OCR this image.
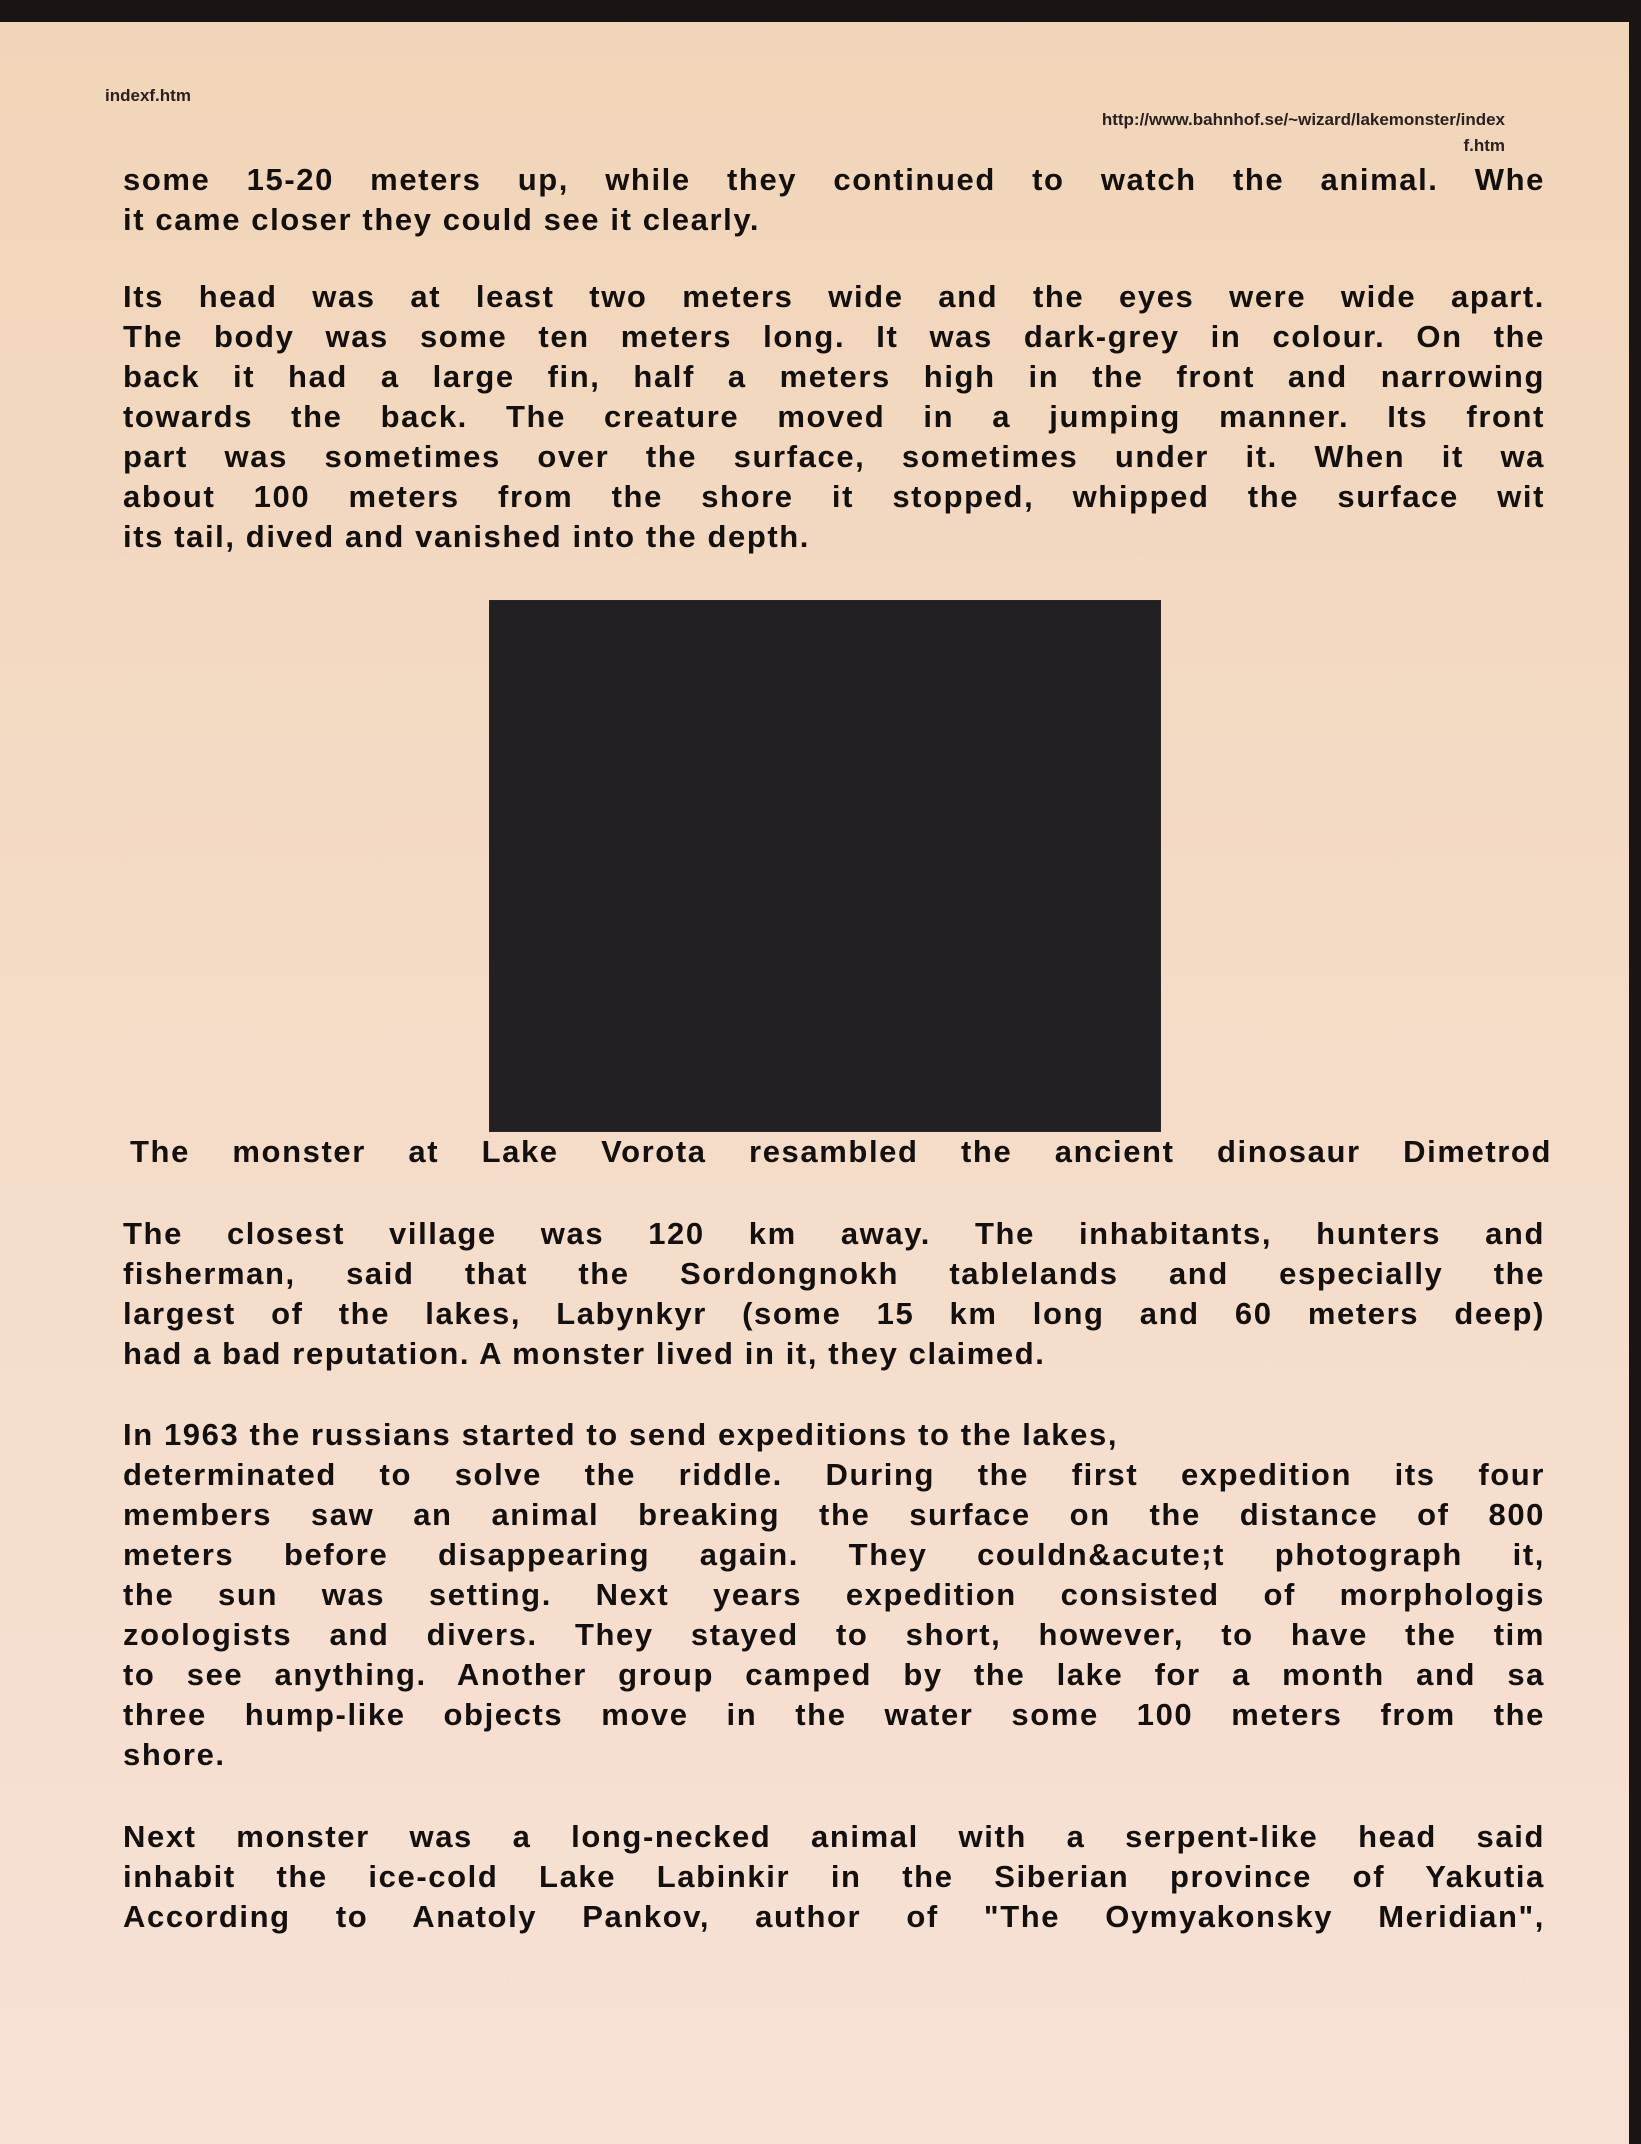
indexf.htm
http://www.bahnhof.se/~wizard/lakemonster/index
f.htm
some 15-20 meters up, while they continued to watch the animal. Whe
it came closer they could see it clearly.
Its head was at least two meters wide and the eyes were wide apart.
The body was some ten meters long. It was dark-grey in colour. On the
back it had a large fin, half a meters high in the front and narrowing
towards the back. The creature moved in a jumping manner. Its front
part was sometimes over the surface, sometimes under it. When it wa
about 100 meters from the shore it stopped, whipped the surface wit
its tail, dived and vanished into the depth.
The monster at Lake Vorota resambled the ancient dinosaur Dimetrod
The closest village was 120 km away. The inhabitants, hunters and
fisherman, said that the Sordongnokh tablelands and especially the
largest of the lakes, Labynkyr (some 15 km long and 60 meters deep)
had a bad reputation. A monster lived in it, they claimed.
In 1963 the russians started to send expeditions to the lakes,
determinated to solve the riddle. During the first expedition its four
members saw an animal breaking the surface on the distance of 800
meters before disappearing again. They couldn&acute;t photograph it,
the sun was setting. Next years expedition consisted of morphologis
zoologists and divers. They stayed to short, however, to have the tim
to see anything. Another group camped by the lake for a month and sa
three hump-like objects move in the water some 100 meters from the
shore.
Next monster was a long-necked animal with a serpent-like head said
inhabit the ice-cold Lake Labinkir in the Siberian province of Yakutia
According to Anatoly Pankov, author of "The Oymyakonsky Meridian",
